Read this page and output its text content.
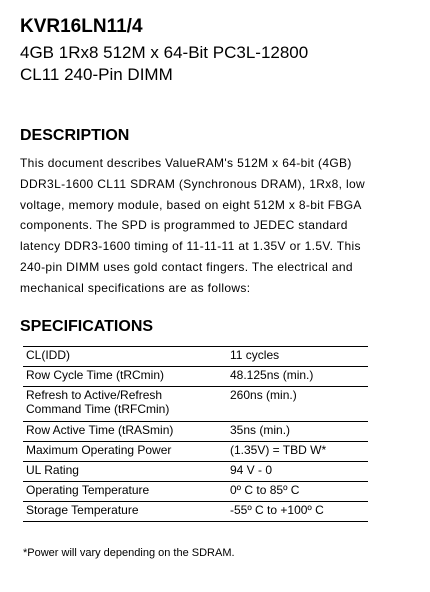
KVR16LN11/4
4GB 1Rx8 512M x 64-Bit PC3L-12800
CL11 240-Pin DIMM
DESCRIPTION
This document describes ValueRAM's 512M x 64-bit (4GB)
DDR3L-1600 CL11 SDRAM (Synchronous DRAM), 1Rx8, low
voltage, memory module, based on eight 512M x 8-bit FBGA
components. The SPD is programmed to JEDEC standard
latency DDR3-1600 timing of 11-11-11 at 1.35V or 1.5V. This
240-pin DIMM uses gold contact fingers. The electrical and
mechanical specifications are as follows:
SPECIFICATIONS
CL(IDD)	11 cycles
Row Cycle Time (tRCmin)	48.125ns (min.)

Refresh to Active/Refresh
Command Time (tRFCmin)	260ns (min.)
Row Active Time (tRASmin)	35ns (min.)
Maximum Operating Power	(1.35V) = TBD W*
UL Rating	94 V - 0
Operating Temperature	0º C to 85º C
Storage Temperature	-55º C to +100º C

*Power will vary depending on the SDRAM.
